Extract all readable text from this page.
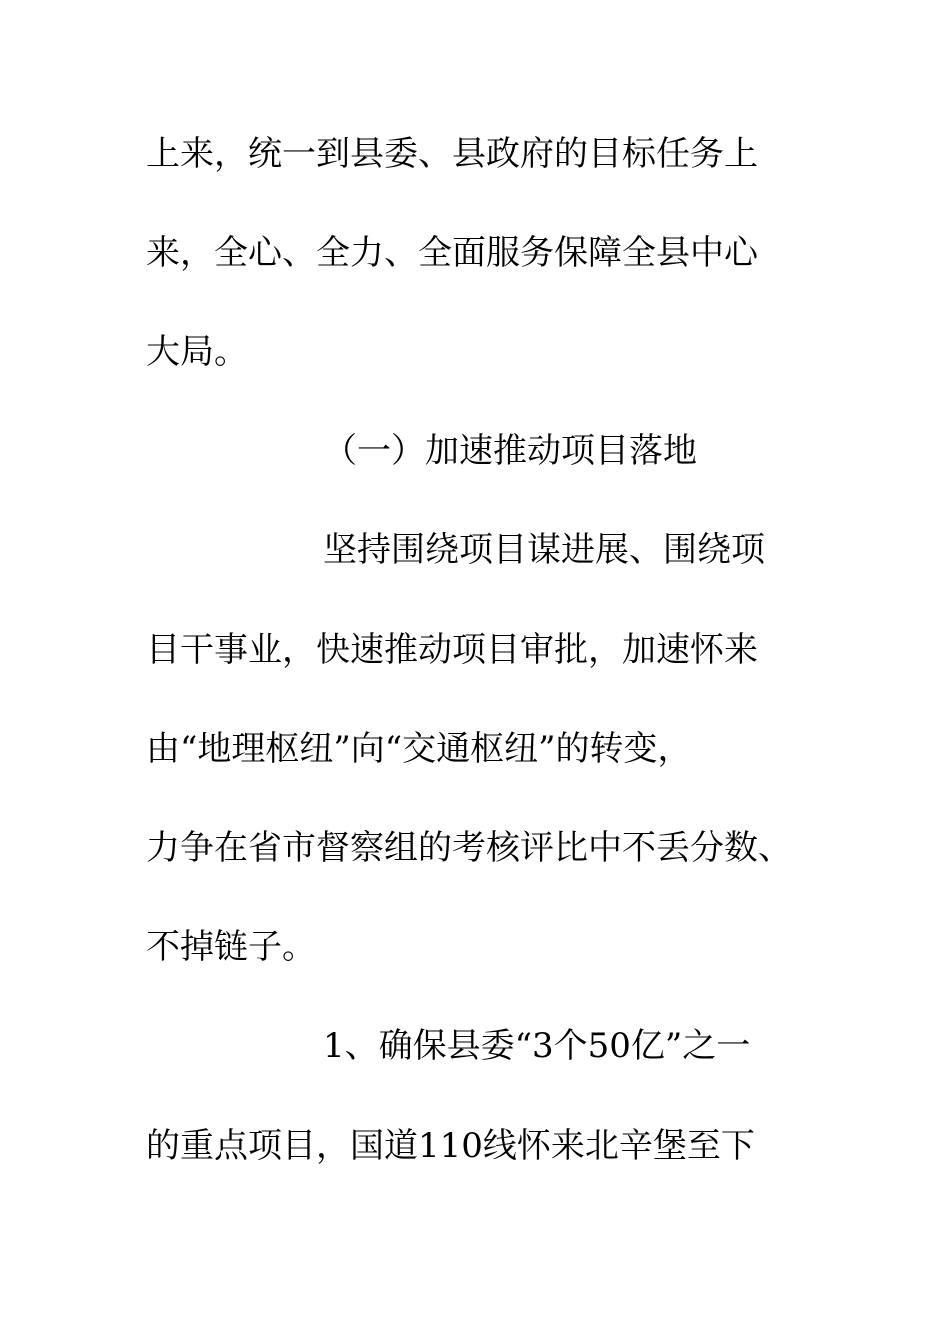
上来，统一到县委、县政府的目标任务上
来，全心、全力、全面服务保障全县中心
大局。
（一）加速推动项目落地
坚持围绕项目谋进展、围绕项
目干事业，快速推动项目审批，加速怀来
由“地理枢纽”向“交通枢纽”的转变，
力争在省市督察组的考核评比中不丢分数、
不掉链子。
1、确保县委“3个50亿”之一
的重点项目，国道110线怀来北辛堡至下
